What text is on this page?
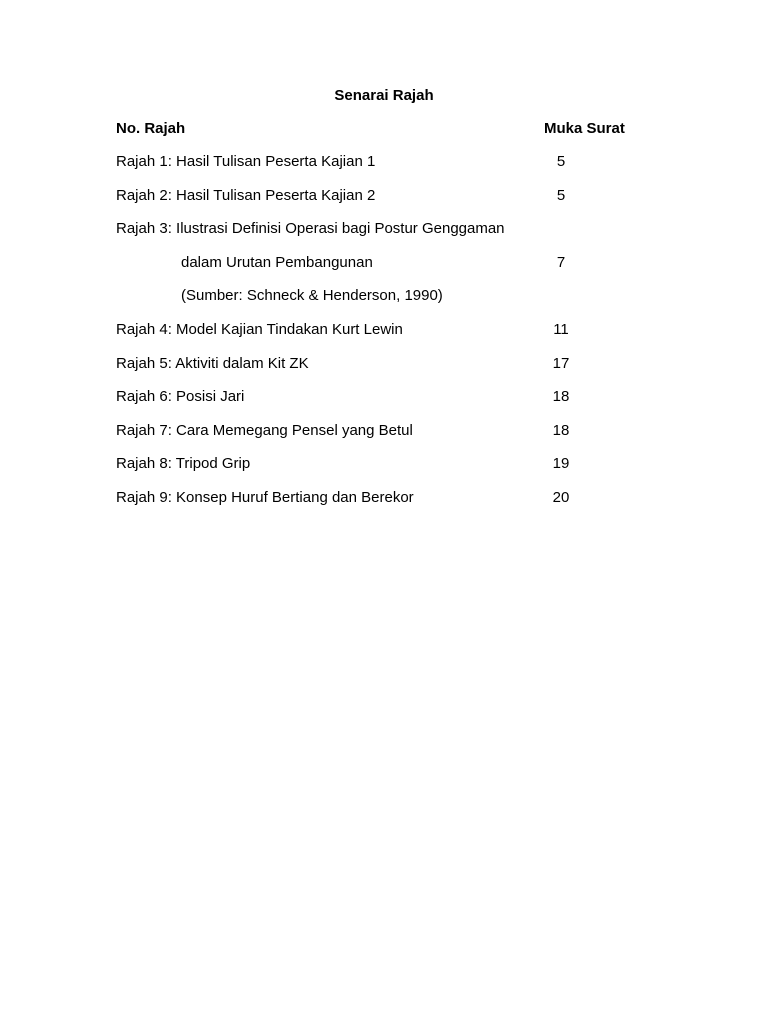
Senarai Rajah
No. Rajah	Muka Surat
Rajah 1: Hasil Tulisan Peserta Kajian 1	5
Rajah 2: Hasil Tulisan Peserta Kajian 2	5
Rajah 3: Ilustrasi Definisi Operasi bagi Postur Genggaman
dalam Urutan Pembangunan	7
(Sumber: Schneck & Henderson, 1990)
Rajah 4: Model Kajian Tindakan Kurt Lewin	11
Rajah 5: Aktiviti dalam Kit ZK	17
Rajah 6: Posisi Jari	18
Rajah 7: Cara Memegang Pensel yang Betul	18
Rajah 8: Tripod Grip	19
Rajah 9: Konsep Huruf Bertiang dan Berekor	20
